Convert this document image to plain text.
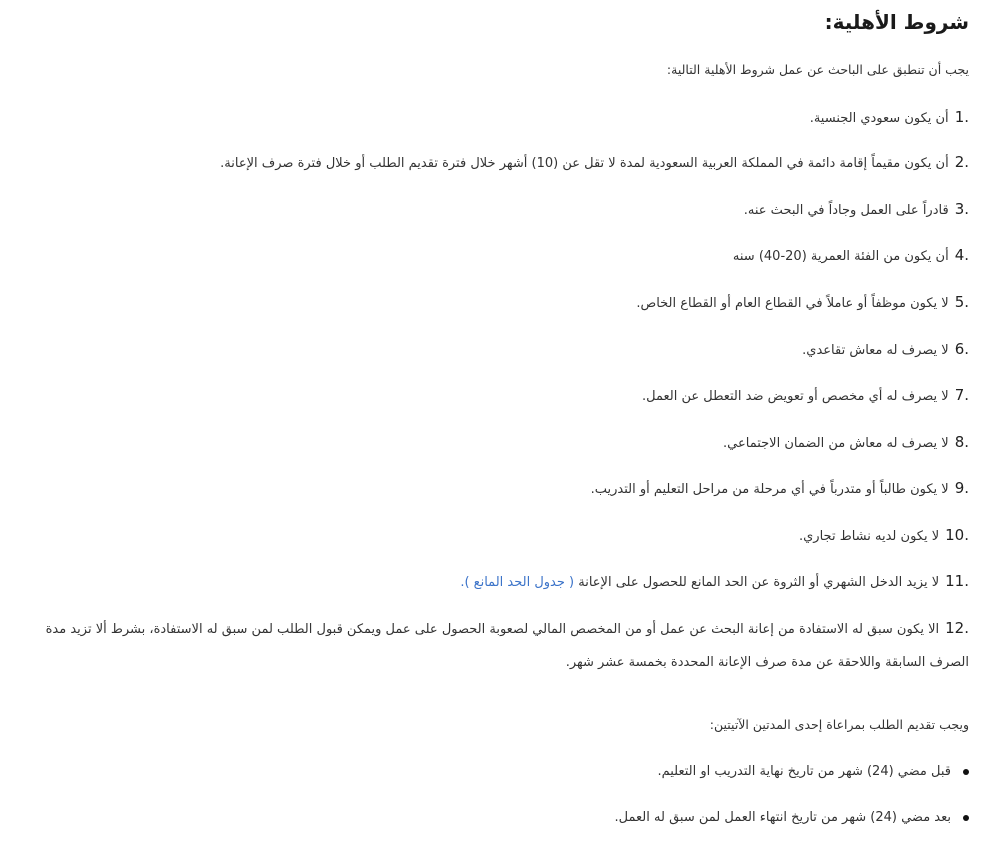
شروط الأهلية:

يجب أن تنطبق على الباحث عن عمل شروط الأهلية التالية:

1.أن يكون سعودي الجنسية.
2.أن يكون مقيماً إقامة دائمة في المملكة العربية السعودية لمدة لا تقل عن (10) أشهر خلال فترة تقديم الطلب أو خلال فترة صرف الإعانة.
3.قادراً على العمل وجاداً في البحث عنه.
4.أن يكون من الفئة العمرية (20-40) سنه
5.لا يكون موظفاً أو عاملاً في القطاع العام أو القطاع الخاص.
6.لا يصرف له معاش تقاعدي.
7.لا يصرف له أي مخصص أو تعويض ضد التعطل عن العمل.
8.لا يصرف له معاش من الضمان الاجتماعي.
9.لا يكون طالباً أو متدرباً في أي مرحلة من مراحل التعليم أو التدريب.
10.لا يكون لديه نشاط تجاري.
11.لا يزيد الدخل الشهري أو الثروة عن الحد المانع للحصول على الإعانة ( جدول الحد المانع ).
12.الا يكون سبق له الاستفادة من إعانة البحث عن عمل أو من المخصص المالي لصعوبة الحصول على عمل ويمكن قبول الطلب لمن سبق له الاستفادة، بشرط ألا تزيد مدة الصرف السابقة واللاحقة عن مدة صرف الإعانة المحددة بخمسة عشر شهر.

ويجب تقديم الطلب بمراعاة إحدى المدتين الآتيتين:

قبل مضي (24) شهر من تاريخ نهاية التدريب او التعليم.
بعد مضي (24) شهر من تاريخ انتهاء العمل لمن سبق له العمل.
